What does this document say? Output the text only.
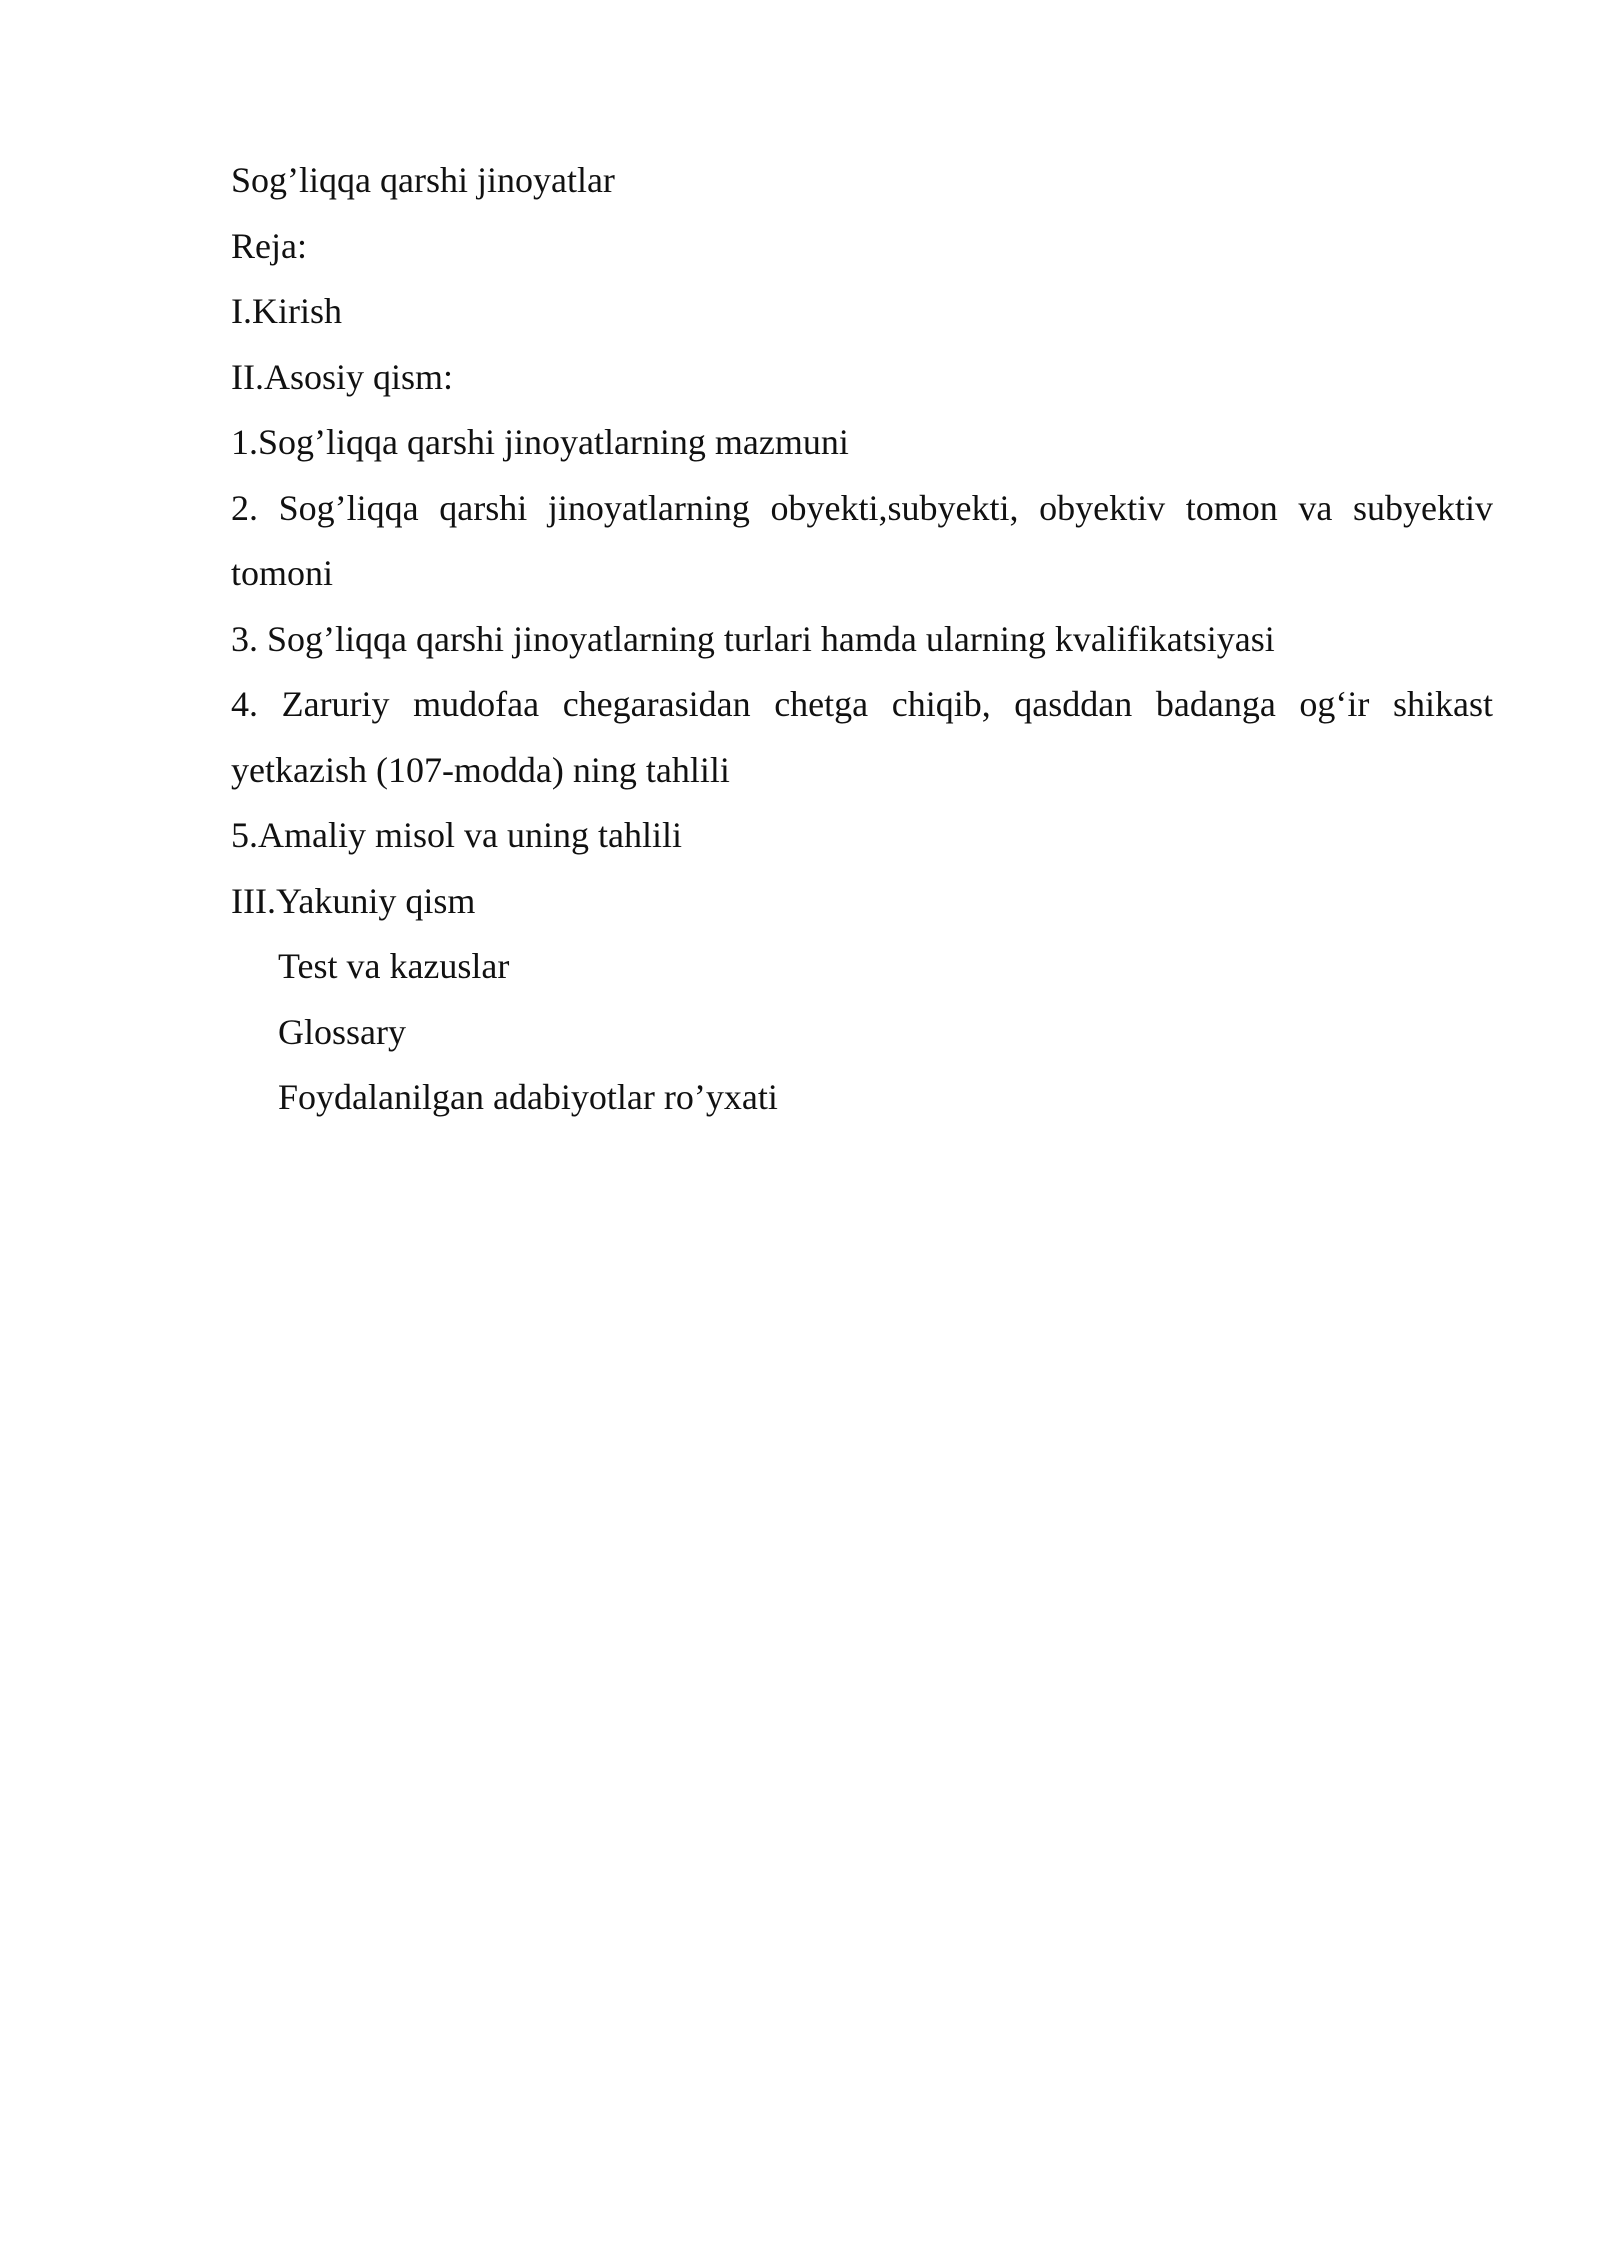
Sog’liqqa qarshi jinoyatlar

Reja:

I.Kirish

II.Asosiy qism:

1.Sog’liqqa qarshi jinoyatlarning mazmuni

2. Sog’liqqa qarshi jinoyatlarning obyekti,subyekti, obyektiv tomon va subyektiv tomoni

3. Sog’liqqa qarshi jinoyatlarning turlari hamda ularning kvalifikatsiyasi

4. Zaruriy mudofaa chegarasidan chetga chiqib, qasddan badanga og‘ir shikast yetkazish (107-modda) ning tahlili

5.Amaliy misol va uning tahlili

III.Yakuniy qism

Test va kazuslar

Glossary

Foydalanilgan adabiyotlar ro’yxati
